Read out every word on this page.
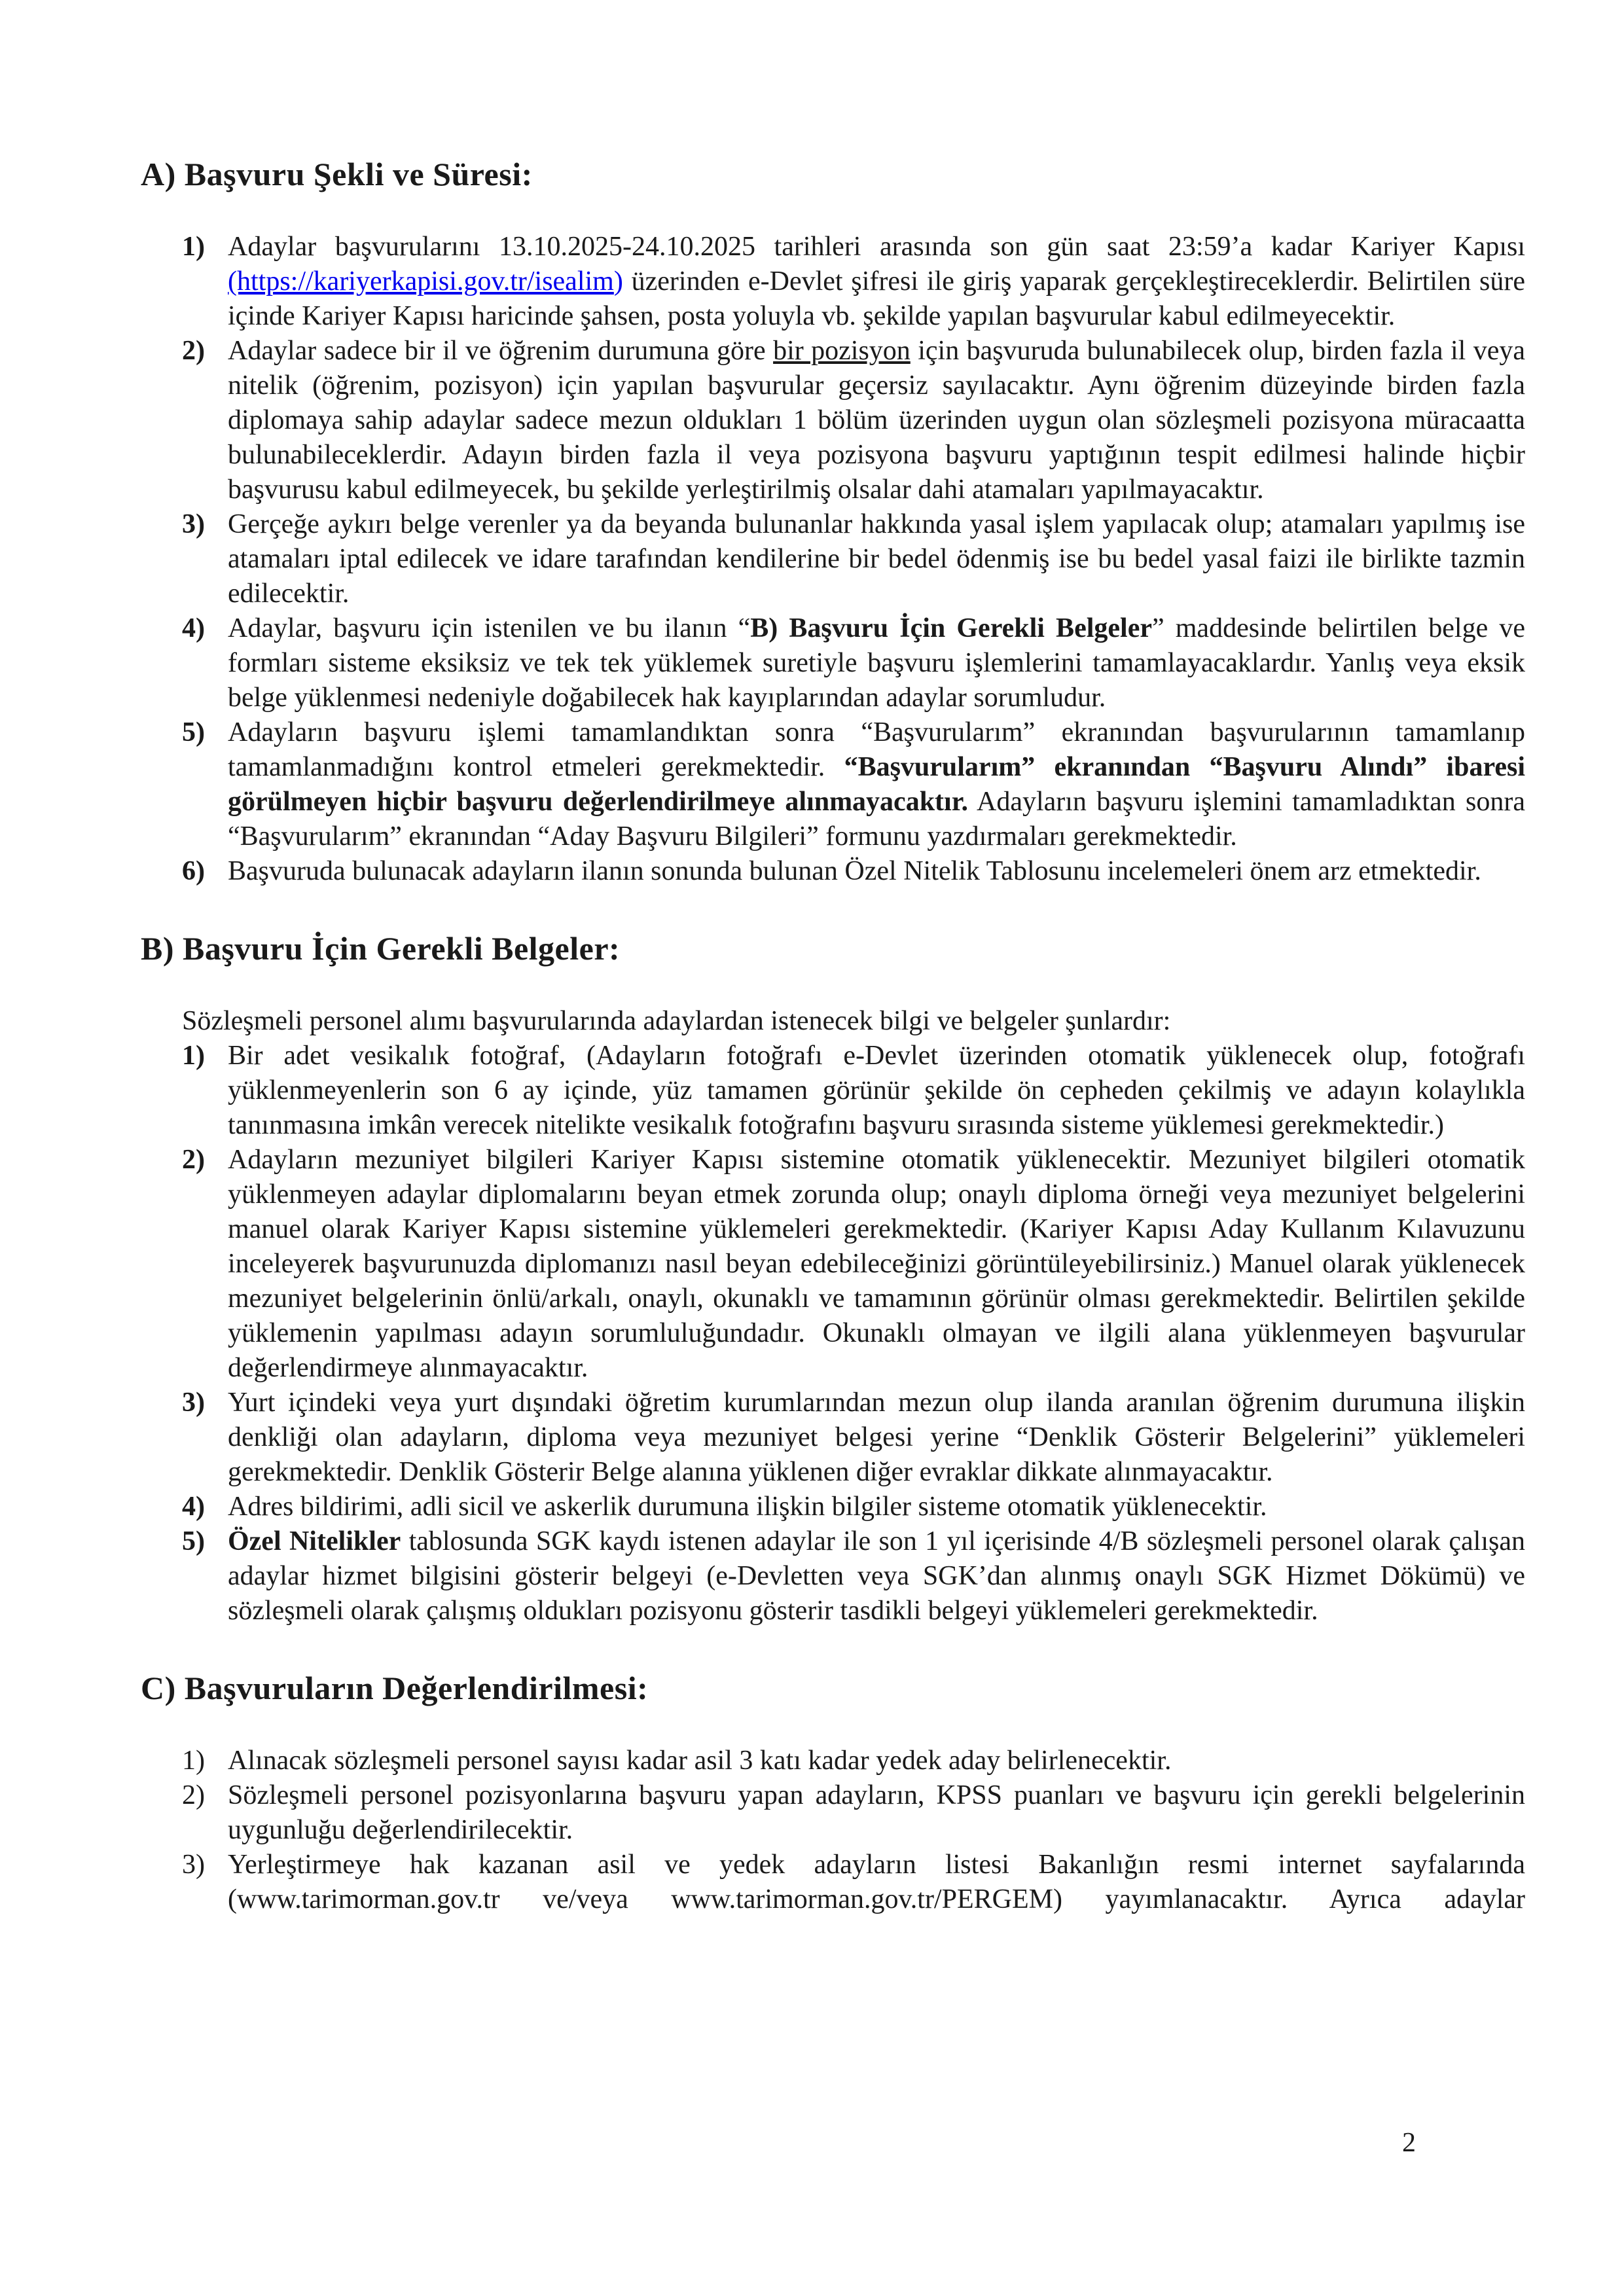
A) Başvuru Şekli ve Süresi:
1) Adaylar başvurularını 13.10.2025-24.10.2025 tarihleri arasında son gün saat 23:59’a kadar Kariyer Kapısı (https://kariyerkapisi.gov.tr/isealim) üzerinden e-Devlet şifresi ile giriş yaparak gerçekleştireceklerdir. Belirtilen süre içinde Kariyer Kapısı haricinde şahsen, posta yoluyla vb. şekilde yapılan başvurular kabul edilmeyecektir.
2) Adaylar sadece bir il ve öğrenim durumuna göre bir pozisyon için başvuruda bulunabilecek olup, birden fazla il veya nitelik (öğrenim, pozisyon) için yapılan başvurular geçersiz sayılacaktır. Aynı öğrenim düzeyinde birden fazla diplomaya sahip adaylar sadece mezun oldukları 1 bölüm üzerinden uygun olan sözleşmeli pozisyona müracaatta bulunabileceklerdir. Adayın birden fazla il veya pozisyona başvuru yaptığının tespit edilmesi halinde hiçbir başvurusu kabul edilmeyecek, bu şekilde yerleştirilmiş olsalar dahi atamaları yapılmayacaktır.
3) Gerçeğe aykırı belge verenler ya da beyanda bulunanlar hakkında yasal işlem yapılacak olup; atamaları yapılmış ise atamaları iptal edilecek ve idare tarafından kendilerine bir bedel ödenmiş ise bu bedel yasal faizi ile birlikte tazmin edilecektir.
4) Adaylar, başvuru için istenilen ve bu ilanın “B) Başvuru İçin Gerekli Belgeler” maddesinde belirtilen belge ve formları sisteme eksiksiz ve tek tek yüklemek suretiyle başvuru işlemlerini tamamlayacaklardır. Yanlış veya eksik belge yüklenmesi nedeniyle doğabilecek hak kayıplarından adaylar sorumludur.
5) Adayların başvuru işlemi tamamlandıktan sonra “Başvurularım” ekranından başvurularının tamamlanıp tamamlanmadığını kontrol etmeleri gerekmektedir. “Başvurularım” ekranından “Başvuru Alındı” ibaresi görülmeyen hiçbir başvuru değerlendirilmeye alınmayacaktır. Adayların başvuru işlemini tamamladıktan sonra “Başvurularım” ekranından “Aday Başvuru Bilgileri” formunu yazdırmaları gerekmektedir.
6) Başvuruda bulunacak adayların ilanın sonunda bulunan Özel Nitelik Tablosunu incelemeleri önem arz etmektedir.
B) Başvuru İçin Gerekli Belgeler:

Sözleşmeli personel alımı başvurularında adaylardan istenecek bilgi ve belgeler şunlardır:

1) Bir adet vesikalık fotoğraf, (Adayların fotoğrafı e-Devlet üzerinden otomatik yüklenecek olup, fotoğrafı yüklenmeyenlerin son 6 ay içinde, yüz tamamen görünür şekilde ön cepheden çekilmiş ve adayın kolaylıkla tanınmasına imkân verecek nitelikte vesikalık fotoğrafını başvuru sırasında sisteme yüklemesi gerekmektedir.)
2) Adayların mezuniyet bilgileri Kariyer Kapısı sistemine otomatik yüklenecektir. Mezuniyet bilgileri otomatik yüklenmeyen adaylar diplomalarını beyan etmek zorunda olup; onaylı diploma örneği veya mezuniyet belgelerini manuel olarak Kariyer Kapısı sistemine yüklemeleri gerekmektedir. (Kariyer Kapısı Aday Kullanım Kılavuzunu inceleyerek başvurunuzda diplomanızı nasıl beyan edebileceğinizi görüntüleyebilirsiniz.) Manuel olarak yüklenecek mezuniyet belgelerinin önlü/arkalı, onaylı, okunaklı ve tamamının görünür olması gerekmektedir. Belirtilen şekilde yüklemenin yapılması adayın sorumluluğundadır. Okunaklı olmayan ve ilgili alana yüklenmeyen başvurular değerlendirmeye alınmayacaktır.
3) Yurt içindeki veya yurt dışındaki öğretim kurumlarından mezun olup ilanda aranılan öğrenim durumuna ilişkin denkliği olan adayların, diploma veya mezuniyet belgesi yerine “Denklik Gösterir Belgelerini” yüklemeleri gerekmektedir. Denklik Gösterir Belge alanına yüklenen diğer evraklar dikkate alınmayacaktır.
4) Adres bildirimi, adli sicil ve askerlik durumuna ilişkin bilgiler sisteme otomatik yüklenecektir.
5) Özel Nitelikler tablosunda SGK kaydı istenen adaylar ile son 1 yıl içerisinde 4/B sözleşmeli personel olarak çalışan adaylar hizmet bilgisini gösterir belgeyi (e-Devletten veya SGK’dan alınmış onaylı SGK Hizmet Dökümü) ve sözleşmeli olarak çalışmış oldukları pozisyonu gösterir tasdikli belgeyi yüklemeleri gerekmektedir.
C) Başvuruların Değerlendirilmesi:
1) Alınacak sözleşmeli personel sayısı kadar asil 3 katı kadar yedek aday belirlenecektir.
2) Sözleşmeli personel pozisyonlarına başvuru yapan adayların, KPSS puanları ve başvuru için gerekli belgelerinin uygunluğu değerlendirilecektir.
3) Yerleştirmeye hak kazanan asil ve yedek adayların listesi Bakanlığın resmi internet sayfalarında (www.tarimorman.gov.tr ve/veya www.tarimorman.gov.tr/PERGEM) yayımlanacaktır. Ayrıca adaylar
2
